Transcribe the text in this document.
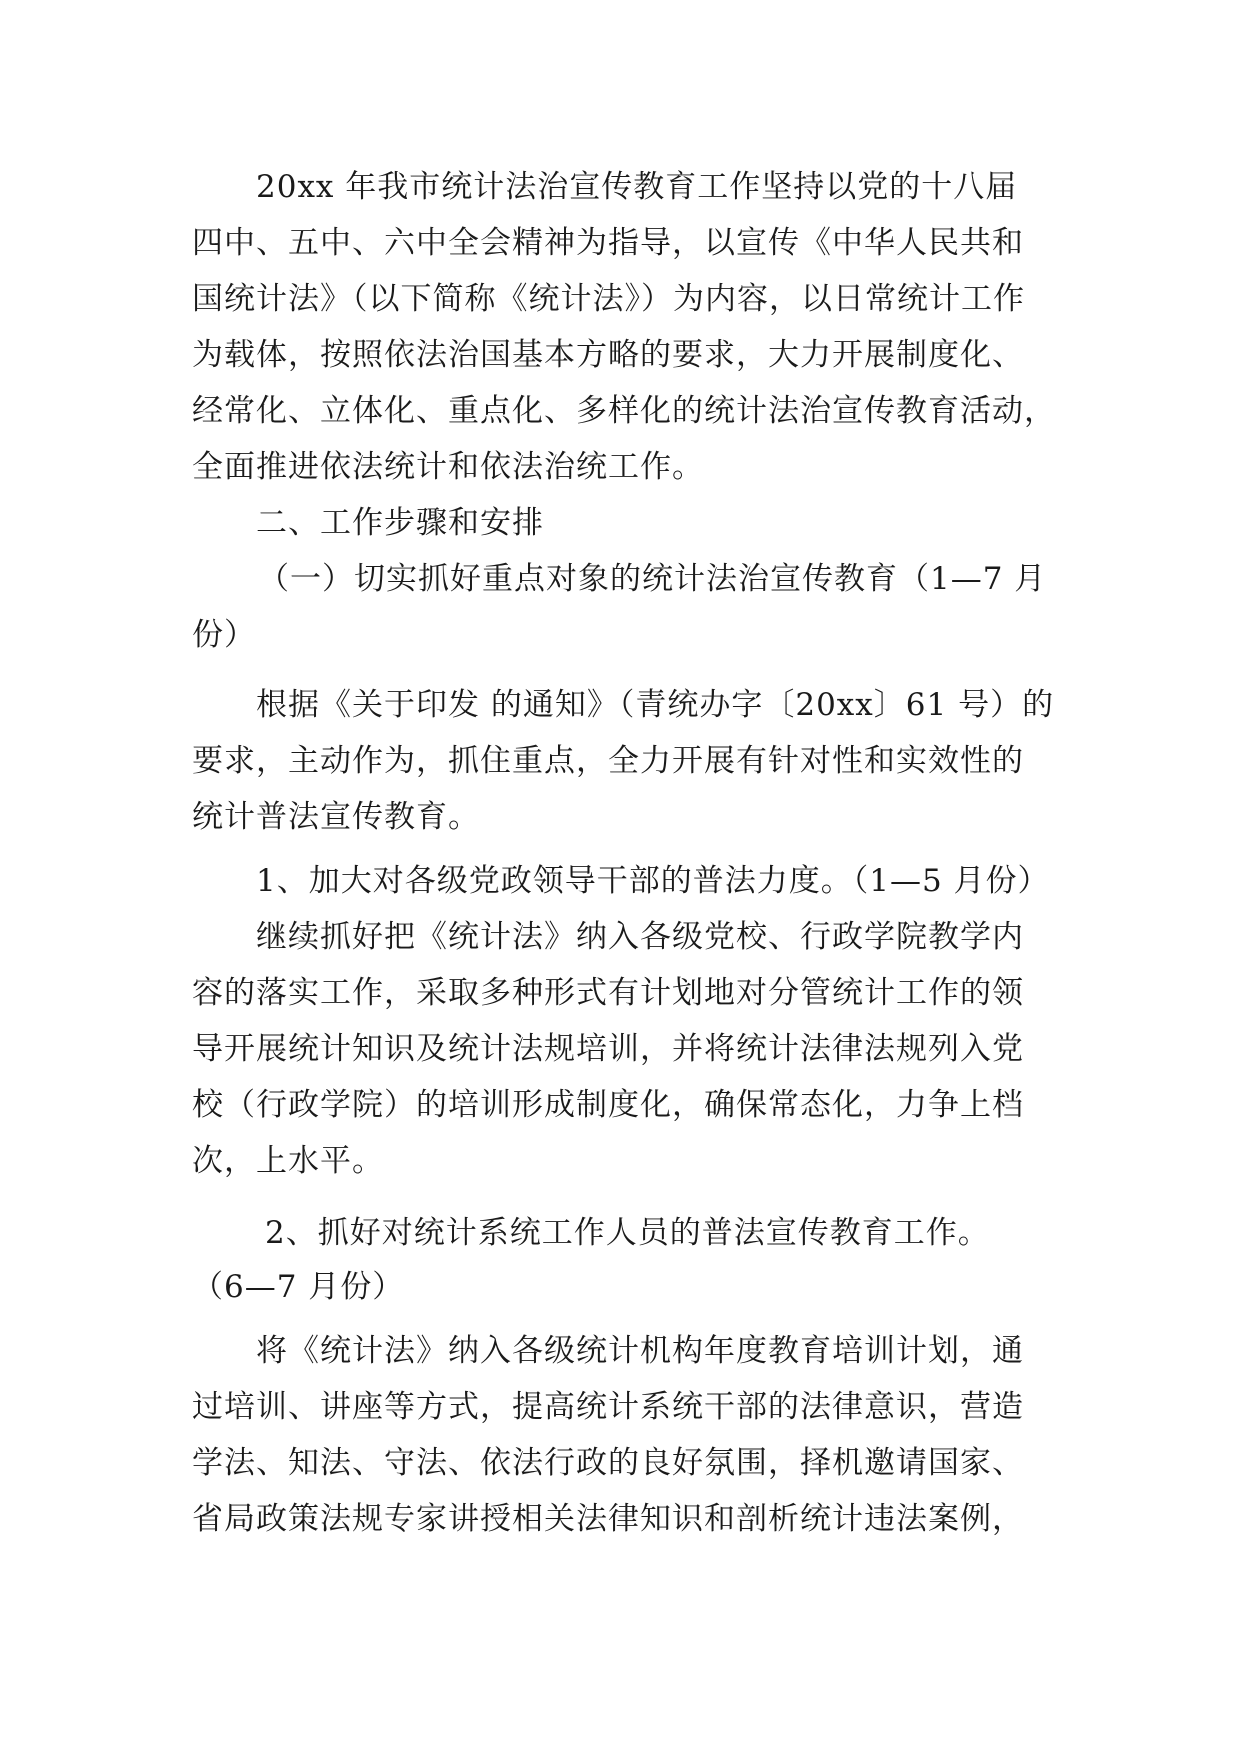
20xx 年我市统计法治宣传教育工作坚持以党的十八届
四中、五中、六中全会精神为指导，以宣传《中华人民共和
国统计法》（以下简称《统计法》）为内容，以日常统计工作
为载体，按照依法治国基本方略的要求，大力开展制度化、
经常化、立体化、重点化、多样化的统计法治宣传教育活动，
全面推进依法统计和依法治统工作。
二、工作步骤和安排
（一）切实抓好重点对象的统计法治宣传教育（1—7 月
份）
根据《关于印发 的通知》（青统办字〔20xx〕61 号）的
要求，主动作为，抓住重点，全力开展有针对性和实效性的
统计普法宣传教育。
1、加大对各级党政领导干部的普法力度。（1—5 月份）
继续抓好把《统计法》纳入各级党校、行政学院教学内
容的落实工作，采取多种形式有计划地对分管统计工作的领
导开展统计知识及统计法规培训，并将统计法律法规列入党
校（行政学院）的培训形成制度化，确保常态化，力争上档
次，上水平。
2、抓好对统计系统工作人员的普法宣传教育工作。
（6—7 月份）
将《统计法》纳入各级统计机构年度教育培训计划，通
过培训、讲座等方式，提高统计系统干部的法律意识，营造
学法、知法、守法、依法行政的良好氛围，择机邀请国家、
省局政策法规专家讲授相关法律知识和剖析统计违法案例，
